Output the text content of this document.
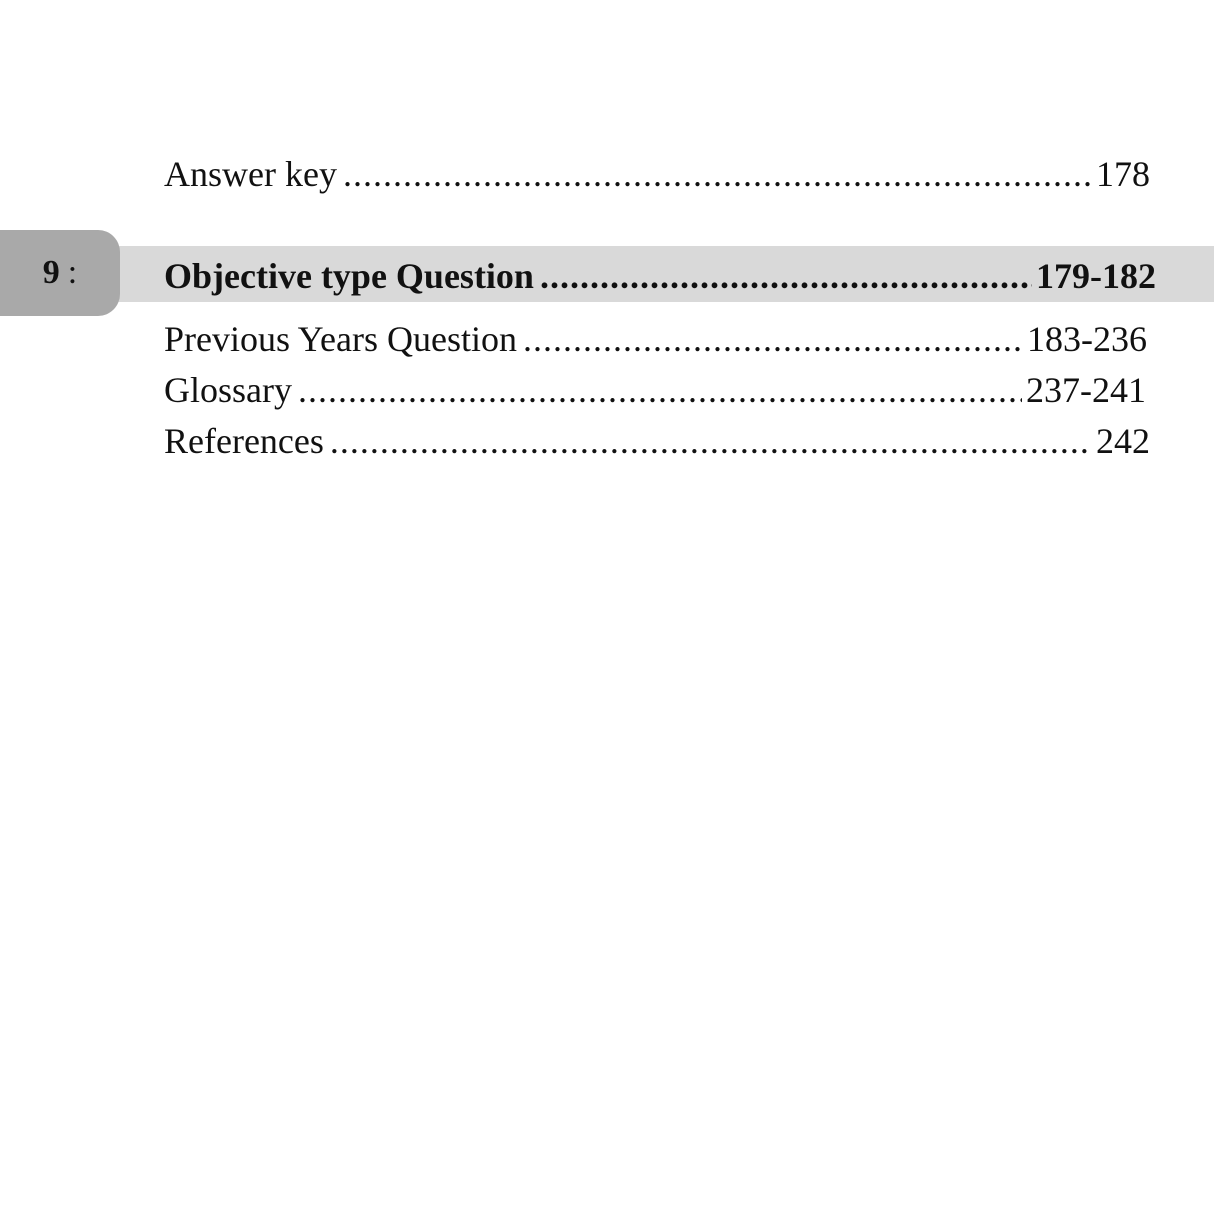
Answer key .....	178
9 : Objective type Question .....	179-182
Previous Years Question .....	183-236
Glossary .....	237-241
References .....	242
